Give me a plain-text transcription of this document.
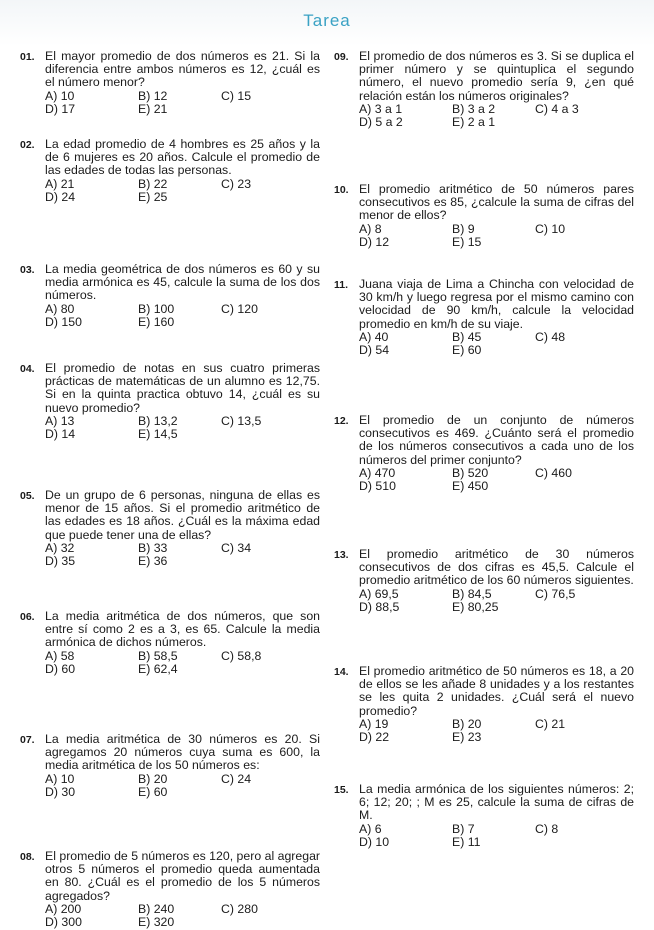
Tarea
01. El mayor promedio de dos números es 21. Si la diferencia entre ambos números es 12, ¿cuál es el número menor?
A) 10	B) 12	C) 15
D) 17	E) 21
02. La edad promedio de 4 hombres es 25 años y la de 6 mujeres es 20 años. Calcule el promedio de las edades de todas las personas.
A) 21	B) 22	C) 23
D) 24	E) 25
03. La media geométrica de dos números es 60 y su media armónica es 45, calcule la suma de los dos números.
A) 80	B) 100	C) 120
D) 150	E) 160
04. El promedio de notas en sus cuatro primeras prácticas de matemáticas de un alumno es 12,75. Si en la quinta practica obtuvo 14, ¿cuál es su nuevo promedio?
A) 13	B) 13,2	C) 13,5
D) 14	E) 14,5
05. De un grupo de 6 personas, ninguna de ellas es menor de 15 años. Si el promedio aritmético de las edades es 18 años. ¿Cuál es la máxima edad que puede tener una de ellas?
A) 32	B) 33	C) 34
D) 35	E) 36
06. La media aritmética de dos números, que son entre sí como 2 es a 3, es 65. Calcule la media armónica de dichos números.
A) 58	B) 58,5	C) 58,8
D) 60	E) 62,4
07. La media aritmética de 30 números es 20. Si agregamos 20 números cuya suma es 600, la media aritmética de los 50 números es:
A) 10	B) 20	C) 24
D) 30	E) 60
08. El promedio de 5 números es 120, pero al agregar otros 5 números el promedio queda aumentada en 80. ¿Cuál es el promedio de los 5 números agregados?
A) 200	B) 240	C) 280
D) 300	E) 320
09. El promedio de dos números es 3. Si se duplica el primer número y se quintuplica el segundo número, el nuevo promedio sería 9, ¿en qué relación están los números originales?
A) 3 a 1	B) 3 a 2	C) 4 a 3
D) 5 a 2	E) 2 a 1
10. El promedio aritmético de 50 números pares consecutivos es 85, ¿calcule la suma de cifras del menor de ellos?
A) 8	B) 9	C) 10
D) 12	E) 15
11. Juana viaja de Lima a Chincha con velocidad de 30 km/h y luego regresa por el mismo camino con velocidad de 90 km/h, calcule la velocidad promedio en km/h de su viaje.
A) 40	B) 45	C) 48
D) 54	E) 60
12. El promedio de un conjunto de números consecutivos es 469. ¿Cuánto será el promedio de los números consecutivos a cada uno de los números del primer conjunto?
A) 470	B) 520	C) 460
D) 510	E) 450
13. El promedio aritmético de 30 números consecutivos de dos cifras es 45,5. Calcule el promedio aritmético de los 60 números siguientes.
A) 69,5	B) 84,5	C) 76,5
D) 88,5	E) 80,25
14. El promedio aritmético de 50 números es 18, a 20 de ellos se les añade 8 unidades y a los restantes se les quita 2 unidades. ¿Cuál será el nuevo promedio?
A) 19	B) 20	C) 21
D) 22	E) 23
15. La media armónica de los siguientes números: 2; 6; 12; 20; ; M es 25, calcule la suma de cifras de M.
A) 6	B) 7	C) 8
D) 10	E) 11
